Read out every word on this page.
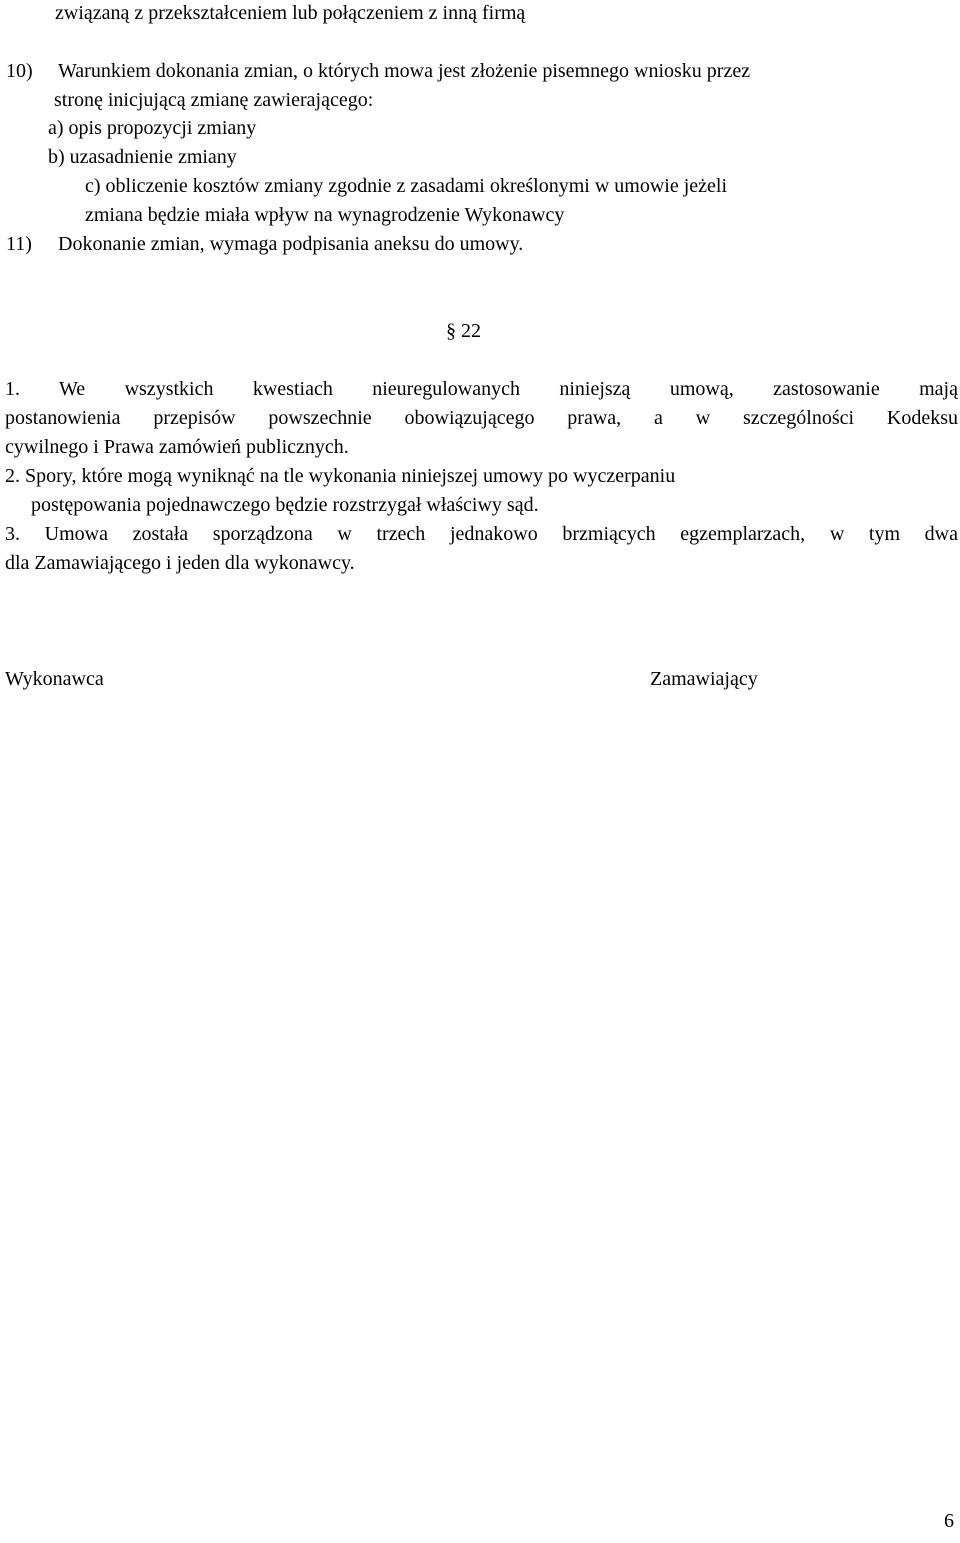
związaną z przekształceniem lub połączeniem z inną firmą
10) Warunkiem dokonania zmian, o których mowa jest złożenie pisemnego wniosku przez
stronę inicjującą zmianę zawierającego:
a) opis propozycji zmiany
b) uzasadnienie zmiany
c) obliczenie kosztów zmiany zgodnie z zasadami określonymi w umowie jeżeli
zmiana będzie miała wpływ na wynagrodzenie Wykonawcy
11) Dokonanie zmian, wymaga podpisania aneksu do umowy.
§ 22
1. We wszystkich kwestiach nieuregulowanych niniejszą umową, zastosowanie mają
postanowienia przepisów powszechnie obowiązującego prawa, a w szczególności Kodeksu
cywilnego i Prawa zamówień publicznych.
2. Spory, które mogą wyniknąć na tle wykonania niniejszej umowy po wyczerpaniu
postępowania pojednawczego będzie rozstrzygał właściwy sąd.
3. Umowa została sporządzona w trzech jednakowo brzmiących egzemplarzach, w tym dwa
dla Zamawiającego i jeden dla wykonawcy.
Wykonawca	Zamawiający
6
